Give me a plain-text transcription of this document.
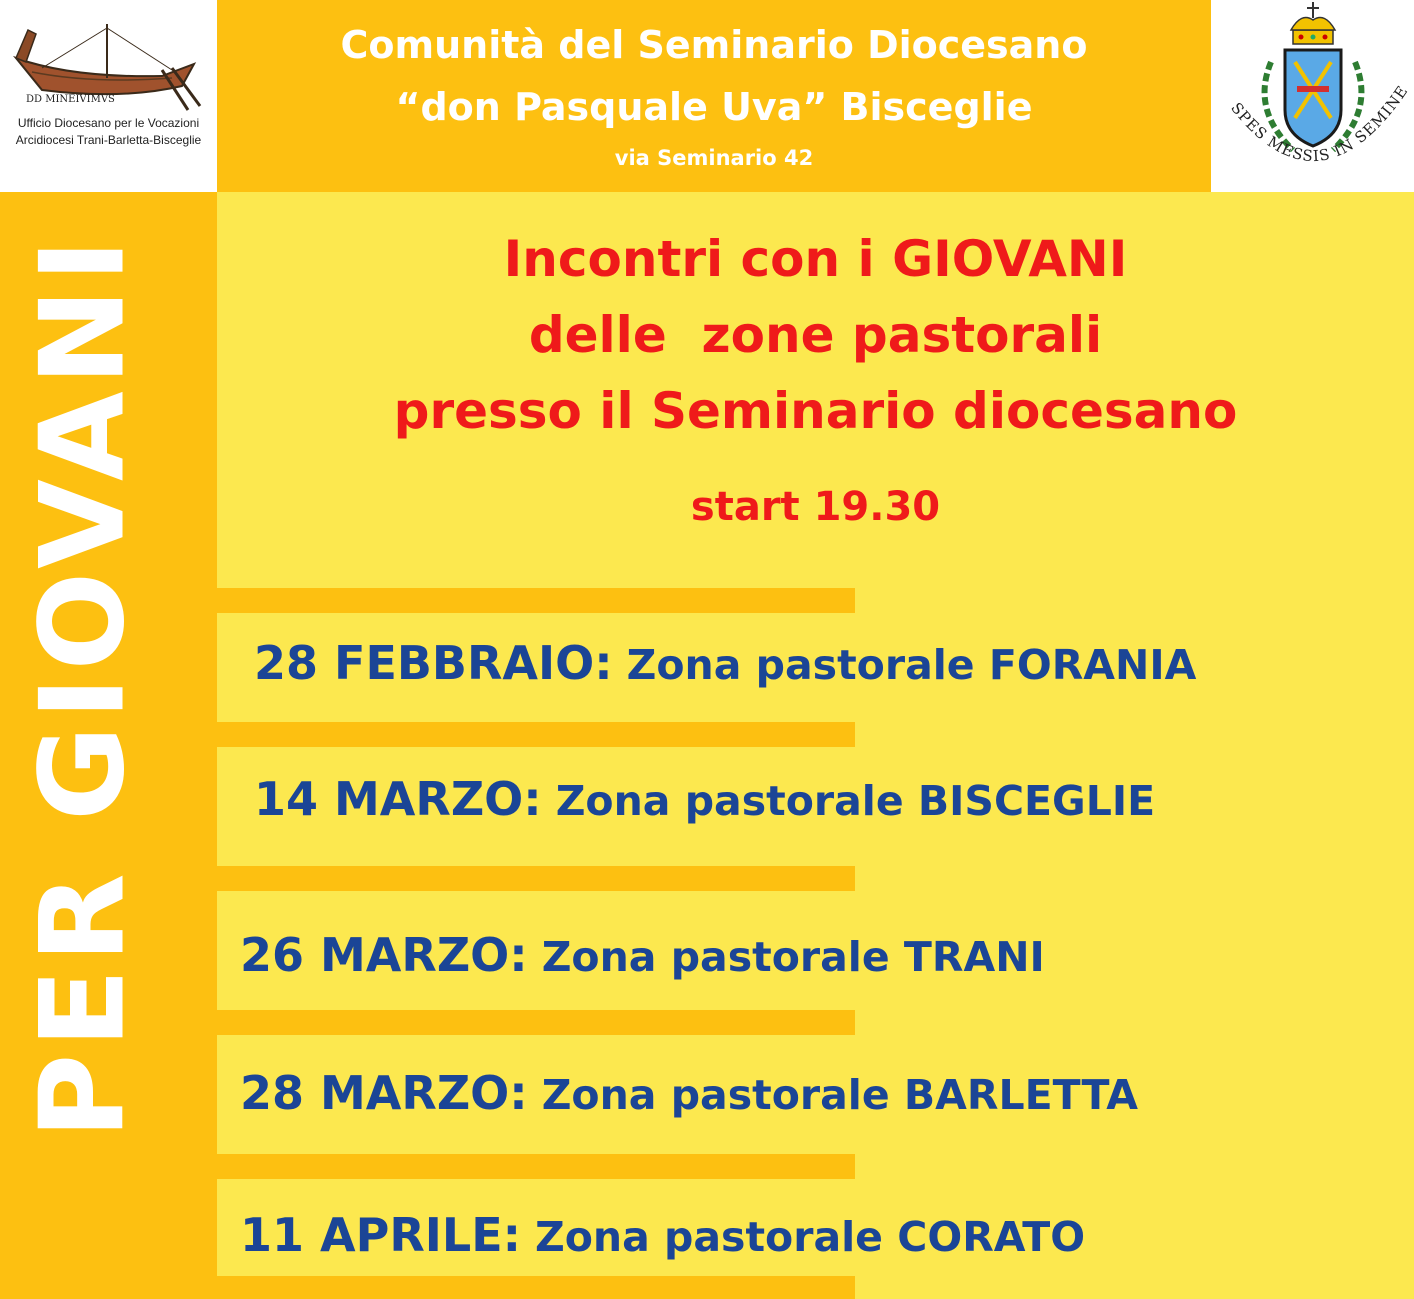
DD MINEIVIMVS
Ufficio Diocesano per le Vocazioni
Arcidiocesi Trani-Barletta-Bisceglie
Comunità del Seminario Diocesano
“don Pasquale Uva” Bisceglie
via Seminario 42
SPES MESSIS IN SEMINE
PER GIOVANI	Incontri con i GIOVANI
delle  zone pastorali
presso il Seminario diocesano
start 19.30
28 FEBBRAIO: Zona pastorale FORANIA
14 MARZO: Zona pastorale BISCEGLIE
26 MARZO: Zona pastorale TRANI
28 MARZO: Zona pastorale BARLETTA
11 APRILE: Zona pastorale CORATO
